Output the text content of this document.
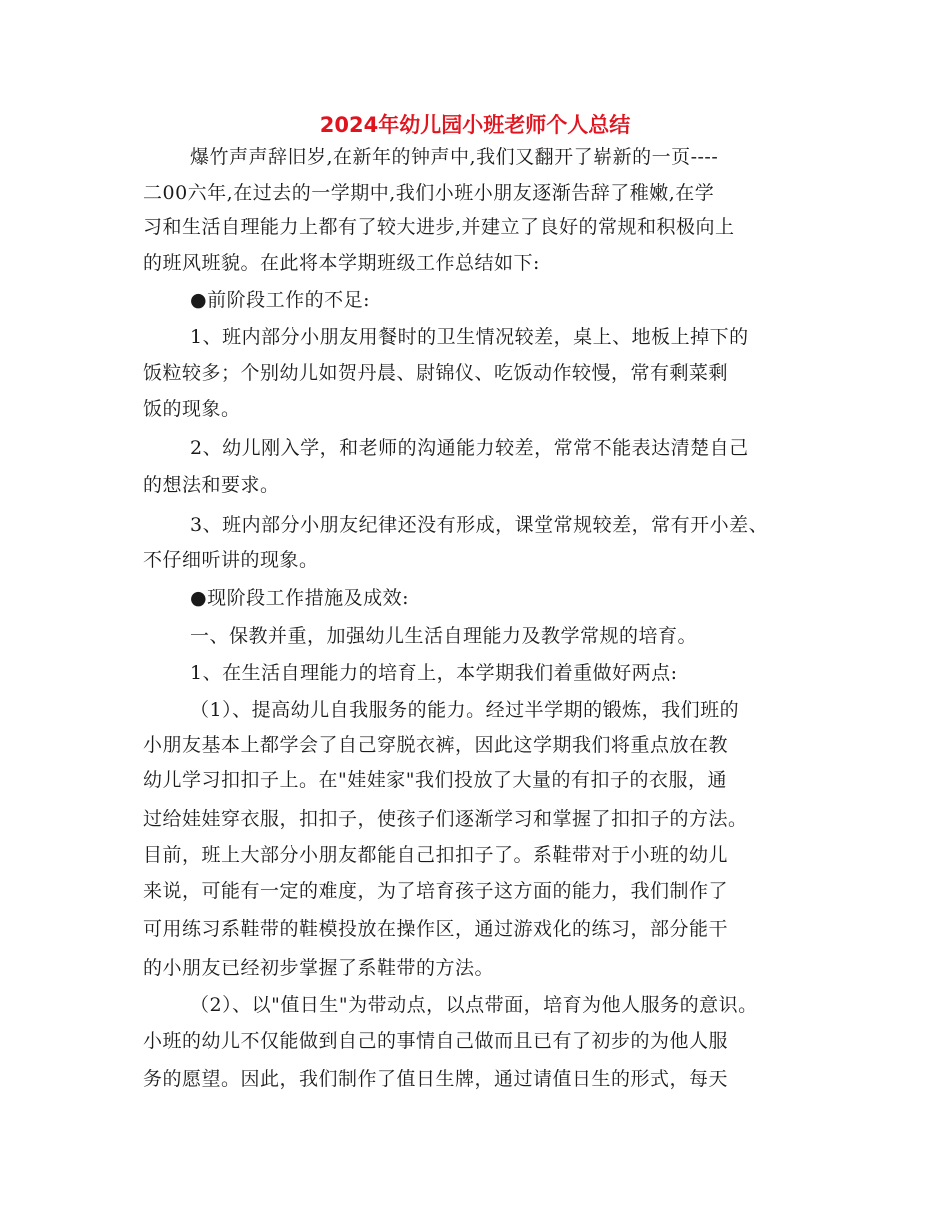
2024年幼儿园小班老师个人总结
爆竹声声辞旧岁,在新年的钟声中,我们又翻开了崭新的一页----
二00六年,在过去的一学期中,我们小班小朋友逐渐告辞了稚嫩,在学
习和生活自理能力上都有了较大进步,并建立了良好的常规和积极向上
的班风班貌。在此将本学期班级工作总结如下:
●前阶段工作的不足:
1、班内部分小朋友用餐时的卫生情况较差，桌上、地板上掉下的
饭粒较多；个别幼儿如贺丹晨、尉锦仪、吃饭动作较慢，常有剩菜剩
饭的现象。
2、幼儿刚入学，和老师的沟通能力较差，常常不能表达清楚自己
的想法和要求。
3、班内部分小朋友纪律还没有形成，课堂常规较差，常有开小差、
不仔细听讲的现象。
●现阶段工作措施及成效:
一、保教并重，加强幼儿生活自理能力及教学常规的培育。
1、在生活自理能力的培育上，本学期我们着重做好两点:
（1）、提高幼儿自我服务的能力。经过半学期的锻炼，我们班的
小朋友基本上都学会了自己穿脱衣裤，因此这学期我们将重点放在教
幼儿学习扣扣子上。在"娃娃家"我们投放了大量的有扣子的衣服，通
过给娃娃穿衣服，扣扣子，使孩子们逐渐学习和掌握了扣扣子的方法。
目前，班上大部分小朋友都能自己扣扣子了。系鞋带对于小班的幼儿
来说，可能有一定的难度，为了培育孩子这方面的能力，我们制作了
可用练习系鞋带的鞋模投放在操作区，通过游戏化的练习，部分能干
的小朋友已经初步掌握了系鞋带的方法。
（2）、以"值日生"为带动点，以点带面，培育为他人服务的意识。
小班的幼儿不仅能做到自己的事情自己做而且已有了初步的为他人服
务的愿望。因此，我们制作了值日生牌，通过请值日生的形式，每天
